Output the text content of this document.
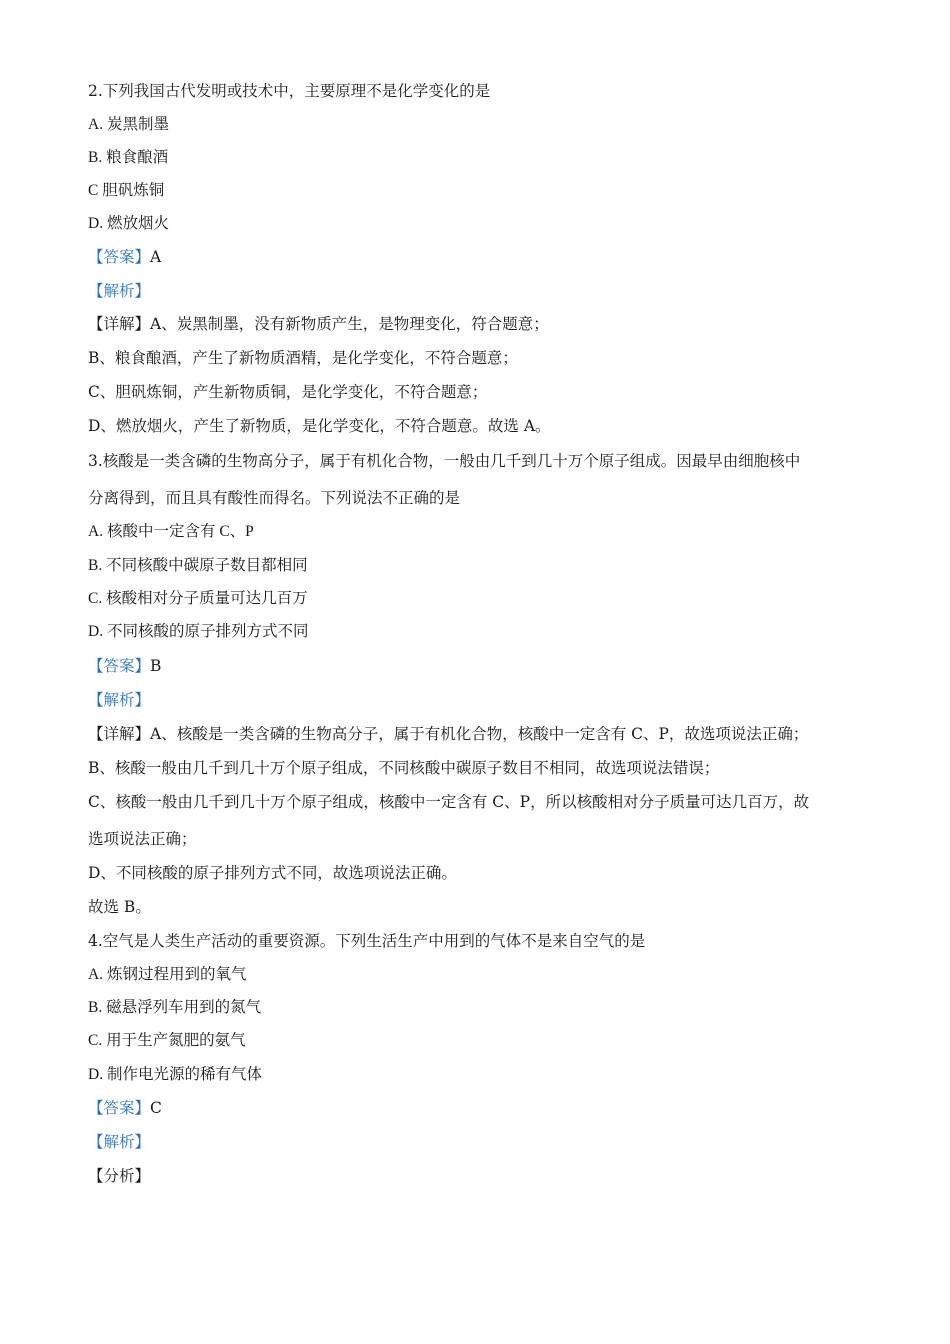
2.下列我国古代发明或技术中，主要原理不是化学变化的是
A. 炭黑制墨
B. 粮食酿酒
C 胆矾炼铜
D. 燃放烟火
【答案】A
【解析】
【详解】A、炭黑制墨，没有新物质产生，是物理变化，符合题意；
B、粮食酿酒，产生了新物质酒精，是化学变化，不符合题意；
C、胆矾炼铜，产生新物质铜，是化学变化，不符合题意；
D、燃放烟火，产生了新物质，是化学变化，不符合题意。故选 A。
3.核酸是一类含磷的生物高分子，属于有机化合物，一般由几千到几十万个原子组成。因最早由细胞核中
分离得到，而且具有酸性而得名。下列说法不正确的是
A. 核酸中一定含有 C、P
B. 不同核酸中碳原子数目都相同
C. 核酸相对分子质量可达几百万
D. 不同核酸的原子排列方式不同
【答案】B
【解析】
【详解】A、核酸是一类含磷的生物高分子，属于有机化合物，核酸中一定含有 C、P，故选项说法正确；
B、核酸一般由几千到几十万个原子组成，不同核酸中碳原子数目不相同，故选项说法错误；
C、核酸一般由几千到几十万个原子组成，核酸中一定含有 C、P，所以核酸相对分子质量可达几百万，故
选项说法正确；
D、不同核酸的原子排列方式不同，故选项说法正确。
故选 B。
4.空气是人类生产活动的重要资源。下列生活生产中用到的气体不是来自空气的是
A. 炼钢过程用到的氧气
B. 磁悬浮列车用到的氮气
C. 用于生产氮肥的氨气
D. 制作电光源的稀有气体
【答案】C
【解析】
【分析】
